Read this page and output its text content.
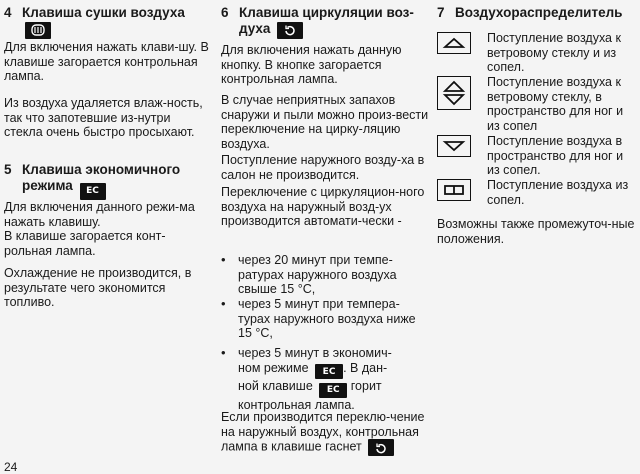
4 Клавиша сушки воздуха

Для включения нажать клави-шу. В клавише загорается контрольная лампа.

Из воздуха удаляется влаж-ность, так что запотевшие из-нутри стекла очень быстро просыхают.

5 Клавиша экономичного
режима EC

Для включения данного режи-ма нажать клавишу.

В клавише загорается конт-рольная лампа.

Охлаждение не производится, в результате чего экономится топливо.

24
6 Клавиша циркуляции воз-
духа

Для включения нажать данную кнопку. В кнопке загорается контрольная лампа.

В случае неприятных запахов снаружи и пыли можно произ-вести переключение на цирку-ляцию воздуха.

Поступление наружного возду-ха в салон не производится.

Переключение с циркуляцион-ного воздуха на наружный возд-ух производится автомати-чески -

• через 20 минут при темпе-ратурах наружного воздуха свыше 15 °C,
• через 5 минут при темпера-турах наружного воздуха ниже 15 °C,
• через 5 минут в экономич-
ном режиме EC . В дан-
ной клавише EC горит
контрольная лампа.

Если производится переклю-чение на наружный воздух, контрольная лампа в клавише гаснет

7 Воздухораспределитель
Поступление воздуха к ветровому стеклу и из сопел.
Поступление воздуха к ветровому стеклу, в пространство для ног и из сопел
Поступление воздуха в пространство для ног и из сопел.
Поступление воздуха из сопел.

Возможны также промежуточ-ные положения.
